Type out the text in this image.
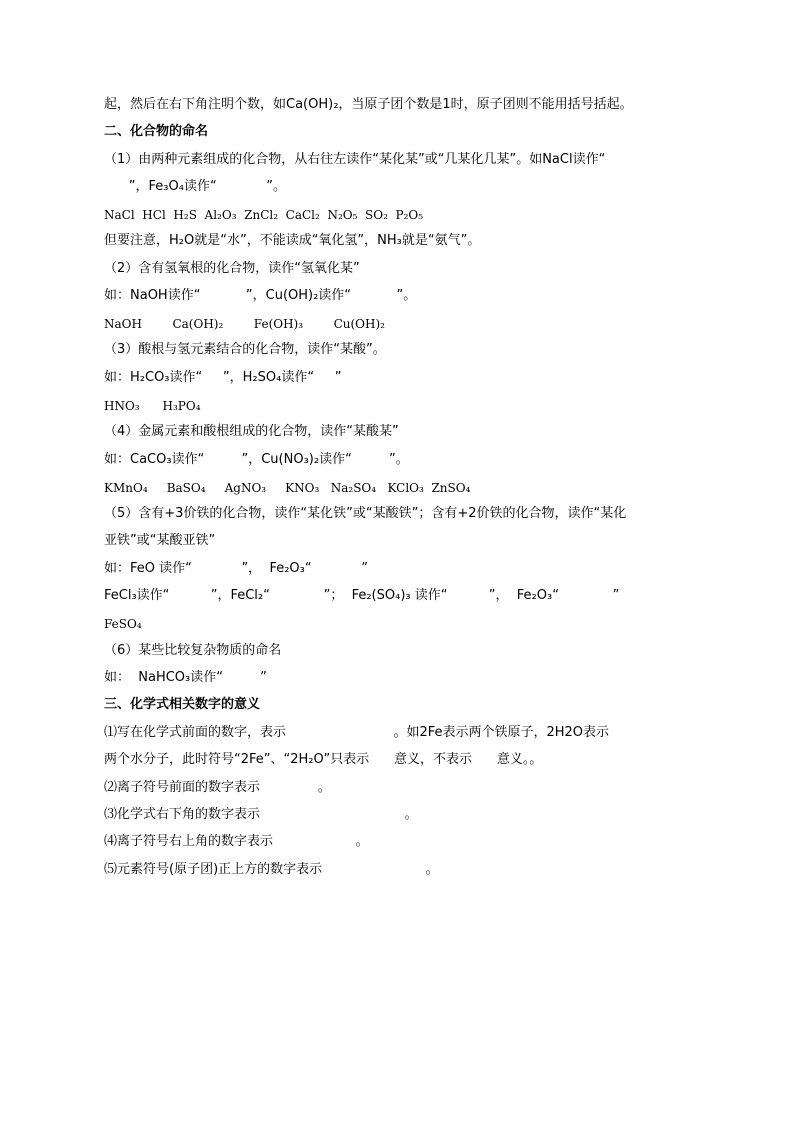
起，然后在右下角注明个数，如Ca(OH)₂，当原子团个数是1时，原子团则不能用括号括起。
二、化合物的命名
（1）由两种元素组成的化合物，从右往左读作“某化某”或“几某化几某”。如NaCl读作“
”，Fe₃O₄读作“            ”。
NaCl  HCl  H₂S  Al₂O₃  ZnCl₂  CaCl₂  N₂O₅  SO₂  P₂O₅
但要注意，H₂O就是“水”，不能读成“氧化氢”，NH₃就是“氨气”。
（2）含有氢氧根的化合物，读作“氢氧化某”
如：NaOH读作“           ”，Cu(OH)₂读作“           ”。
NaOH        Ca(OH)₂        Fe(OH)₃        Cu(OH)₂
（3）酸根与氢元素结合的化合物，读作“某酸”。
如：H₂CO₃读作“     ”，H₂SO₄读作“     ”
HNO₃      H₃PO₄
（4）金属元素和酸根组成的化合物，读作“某酸某”
如：CaCO₃读作“         ”，Cu(NO₃)₂读作“         ”。
KMnO₄     BaSO₄     AgNO₃     KNO₃   Na₂SO₄   KClO₃  ZnSO₄
（5）含有+3价铁的化合物，读作“某化铁”或“某酸铁”；含有+2价铁的化合物，读作“某化
亚铁”或“某酸亚铁”
如：FeO 读作“            ”，  Fe₂O₃“            ”
FeCl₃读作“          ”，FeCl₂“             ”；  Fe₂(SO₄)₃ 读作“          ”，  Fe₂O₃“             ”
FeSO₄
（6）某些比较复杂物质的命名
如：  NaHCO₃读作“         ”
三、化学式相关数字的意义
⑴写在化学式前面的数字，表示                          。如2Fe表示两个铁原子，2H2O表示
两个水分子，此时符号“2Fe”、“2H₂O”只表示      意义，不表示      意义。。
⑵离子符号前面的数字表示              。
⑶化学式右下角的数字表示                                   。
⑷离子符号右上角的数字表示                    。
⑸元素符号(原子团)正上方的数字表示                         。
